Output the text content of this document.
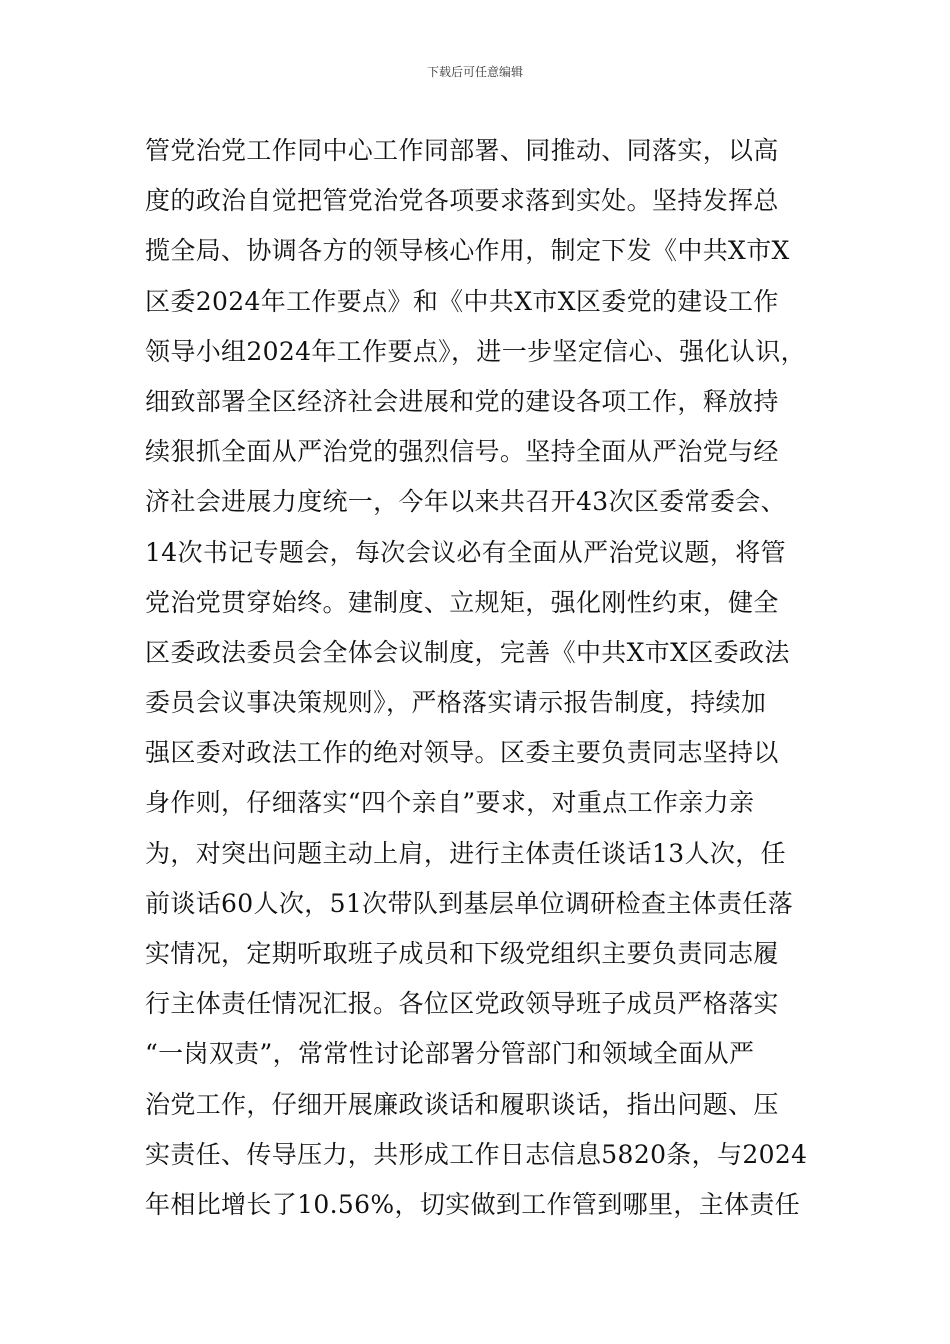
下载后可任意编辑
管党治党工作同中心工作同部署、同推动、同落实，以高
度的政治自觉把管党治党各项要求落到实处。坚持发挥总
揽全局、协调各方的领导核心作用，制定下发《中共X市X
区委2024年工作要点》和《中共X市X区委党的建设工作
领导小组2024年工作要点》，进一步坚定信心、强化认识，
细致部署全区经济社会进展和党的建设各项工作，释放持
续狠抓全面从严治党的强烈信号。坚持全面从严治党与经
济社会进展力度统一，今年以来共召开43次区委常委会、
14次书记专题会，每次会议必有全面从严治党议题，将管
党治党贯穿始终。建制度、立规矩，强化刚性约束，健全
区委政法委员会全体会议制度，完善《中共X市X区委政法
委员会议事决策规则》，严格落实请示报告制度，持续加
强区委对政法工作的绝对领导。区委主要负责同志坚持以
身作则，仔细落实“四个亲自”要求，对重点工作亲力亲
为，对突出问题主动上肩，进行主体责任谈话13人次，任
前谈话60人次，51次带队到基层单位调研检查主体责任落
实情况，定期听取班子成员和下级党组织主要负责同志履
行主体责任情况汇报。各位区党政领导班子成员严格落实
“一岗双责”，常常性讨论部署分管部门和领域全面从严
治党工作，仔细开展廉政谈话和履职谈话，指出问题、压
实责任、传导压力，共形成工作日志信息5820条，与2024
年相比增长了10.56%，切实做到工作管到哪里，主体责任
